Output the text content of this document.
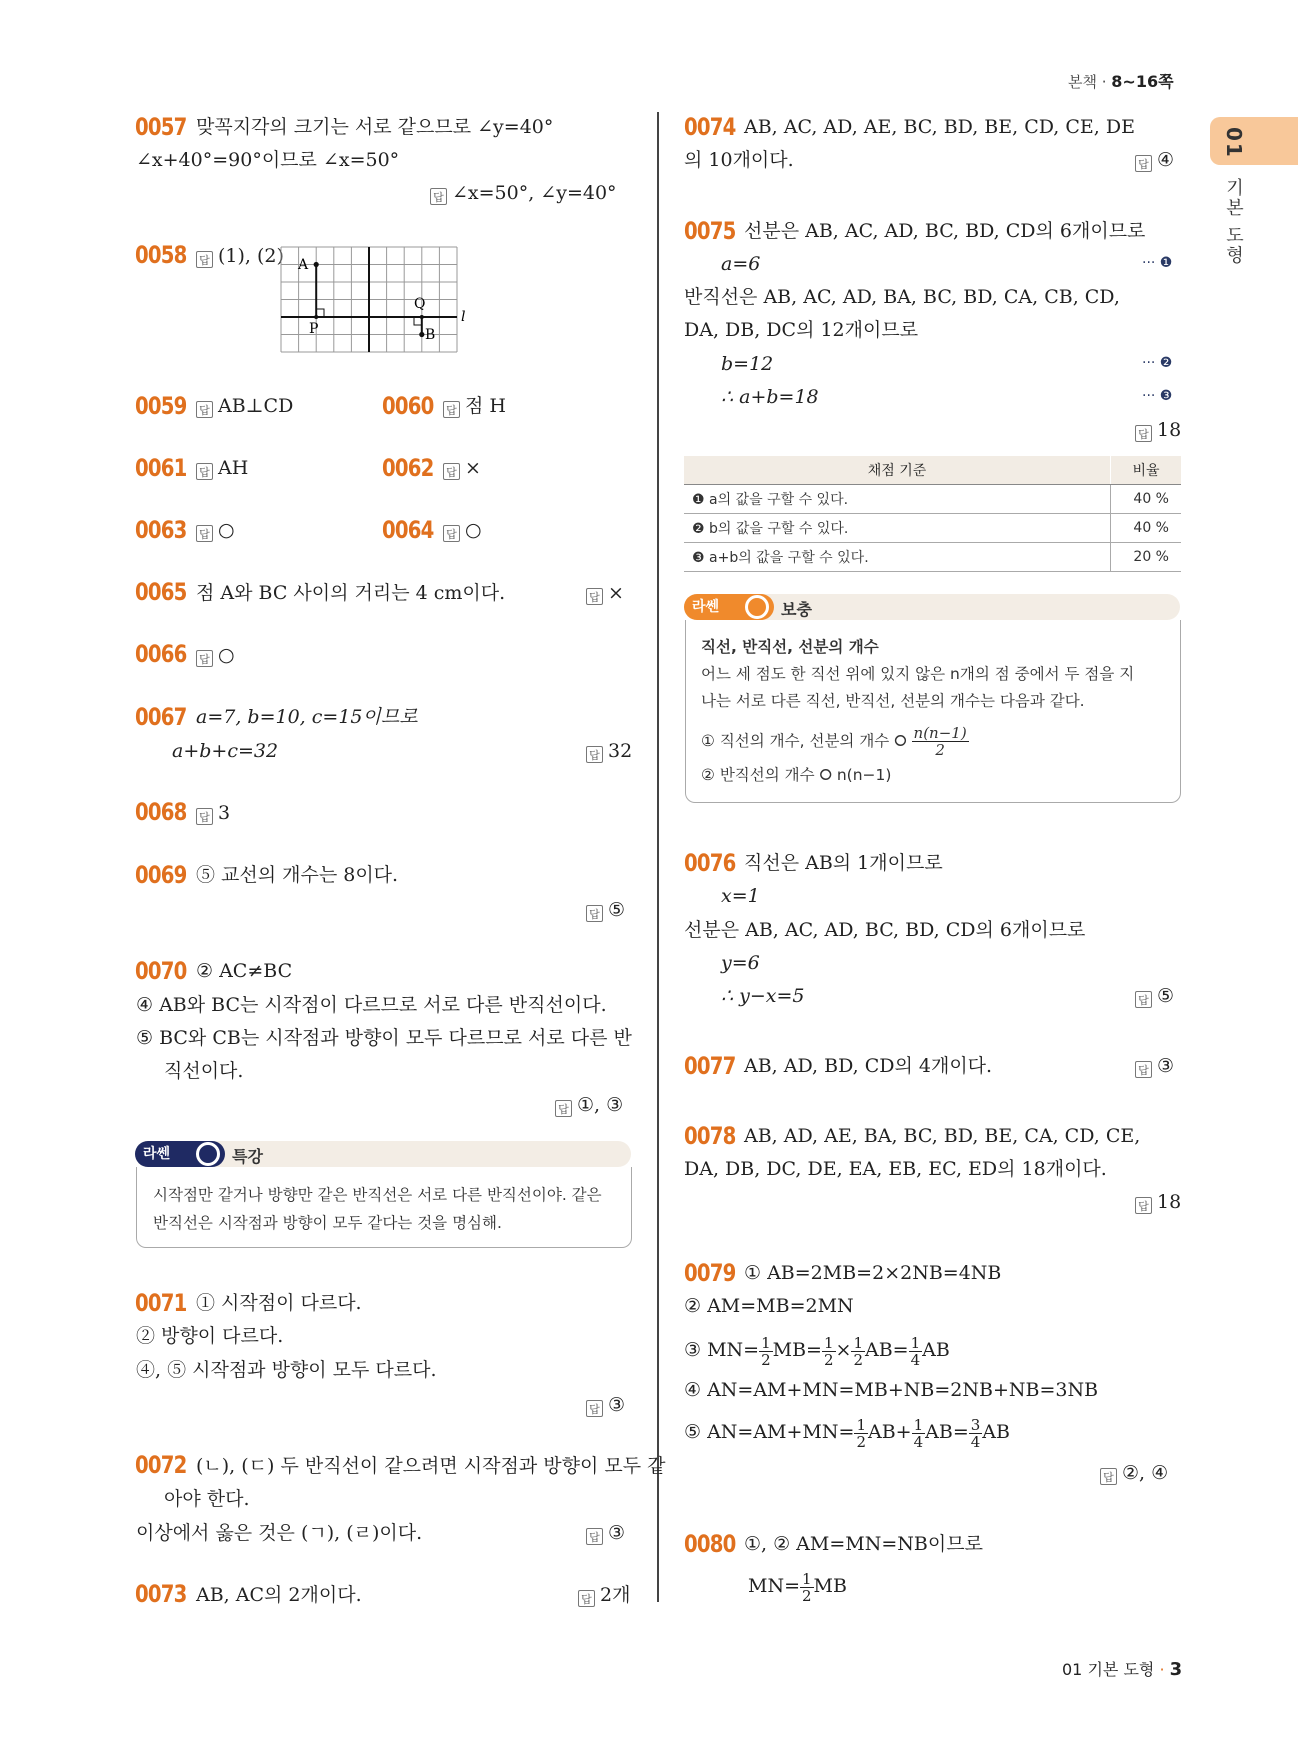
본책 · 8~16쪽
01

기본 도형
0057 맞꼭지각의 크기는 서로 같으므로 ∠y=40°
∠x+40°=90°이므로 ∠x=50°
답 ∠x=50°, ∠y=40°
0058 답 (1), (2) A
P
Q
B
l
0059 답 AB⊥CD	0060 답 점 H
0061 답 AH	0062 답 ×
0063 답 ○	0064 답 ○
0065 점 A와 BC 사이의 거리는 4 cm이다.	답 ×
0066 답 ○
0067 a=7, b=10, c=15이므로
a+b+c=32	답 32
0068 답 3
0069 ⑤ 교선의 개수는 8이다.
답 ⑤
0070 ② AC≠BC
④ AB와 BC는 시작점이 다르므로 서로 다른 반직선이다.
⑤ BC와 CB는 시작점과 방향이 모두 다르므로 서로 다른 반
직선이다.
답 ①, ③
라쎈	특강
시작점만 같거나 방향만 같은 반직선은 서로 다른 반직선이야. 같은
반직선은 시작점과 방향이 모두 같다는 것을 명심해.
0071 ① 시작점이 다르다.
② 방향이 다르다.
④, ⑤ 시작점과 방향이 모두 다르다.
답 ③
0072 (ㄴ), (ㄷ) 두 반직선이 같으려면 시작점과 방향이 모두 같
아야 한다.
이상에서 옳은 것은 (ㄱ), (ㄹ)이다.	답 ③
0073 AB, AC의 2개이다.	답 2개
0074 AB, AC, AD, AE, BC, BD, BE, CD, CE, DE
의 10개이다.	답 ④
0075 선분은 AB, AC, AD, BC, BD, CD의 6개이므로
a=6	··· ❶
반직선은 AB, AC, AD, BA, BC, BD, CA, CB, CD,
DA, DB, DC의 12개이므로
b=12	··· ❷
∴ a+b=18	··· ❸
답 18
채점 기준	비율
❶ a의 값을 구할 수 있다.	40 %
❷ b의 값을 구할 수 있다.	40 %
❸ a+b의 값을 구할 수 있다.	20 %
라쎈	보충
직선, 반직선, 선분의 개수
어느 세 점도 한 직선 위에 있지 않은 n개의 점 중에서 두 점을 지
나는 서로 다른 직선, 반직선, 선분의 개수는 다음과 같다.
① 직선의 개수, 선분의 개수 ⭘ $\frac{n(n-1)}{2}$
② 반직선의 개수 ⭘ n(n−1)
0076 직선은 AB의 1개이므로
x=1
선분은 AB, AC, AD, BC, BD, CD의 6개이므로
y=6
∴ y−x=5	답 ⑤
0077 AB, AD, BD, CD의 4개이다.	답 ③
0078 AB, AD, AE, BA, BC, BD, BE, CA, CD, CE,
DA, DB, DC, DE, EA, EB, EC, ED의 18개이다.
답 18
0079 ① AB=2MB=2×2NB=4NB
② AM=MB=2MN
③ $MN= \frac{1}{2} MB= \frac{1}{2} \times \frac{1}{2} AB= \frac{1}{4}$ AB
④ AN=AM+MN=MB+NB=2NB+NB=3NB
⑤ $AN=AM+MN= \frac{1}{2} AB+ \frac{1}{4} AB= \frac{3}{4}$ AB
답 ②, ④
0080 ①, ② AM=MN=NB이므로
$MN= \frac{1}{2}$ MB
01 기본 도형 · 3
